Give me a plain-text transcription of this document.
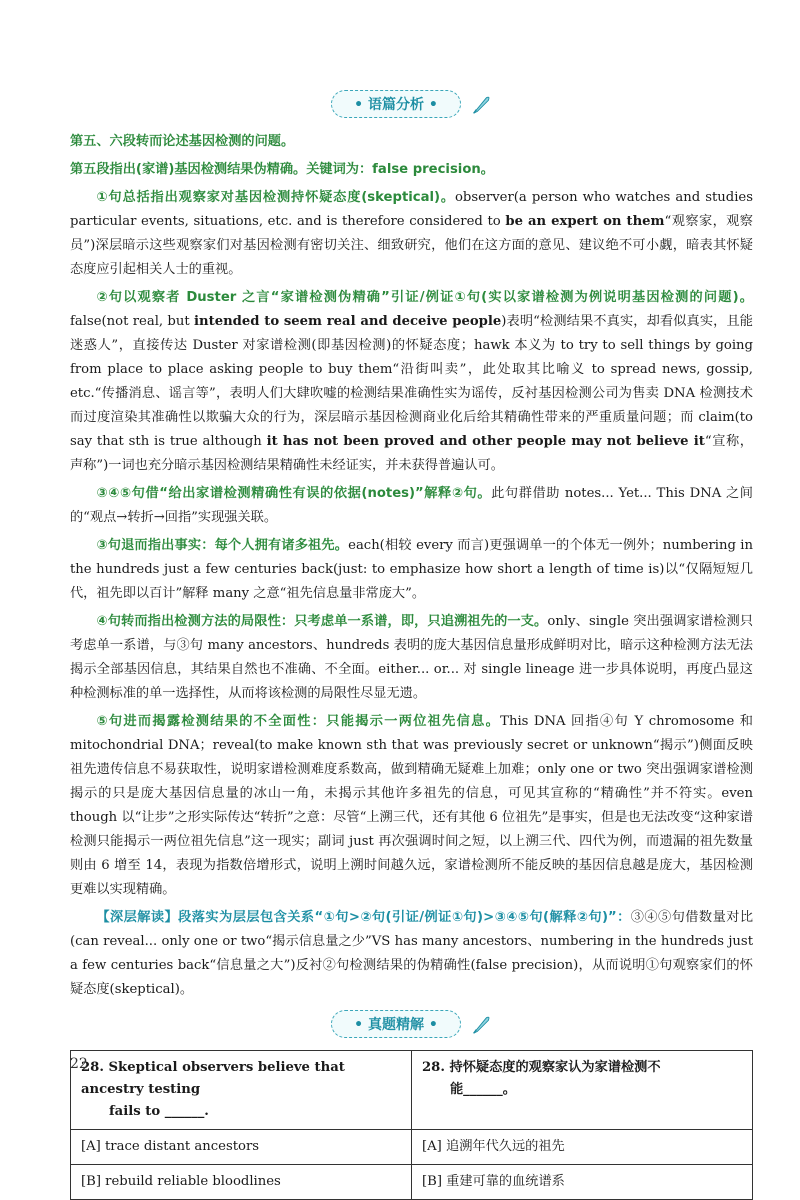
• 语篇分析 •

第五、六段转而论述基因检测的问题。

第五段指出(家谱)基因检测结果伪精确。关键词为：false precision。

①句总括指出观察家对基因检测持怀疑态度(skeptical)。observer(a person who watches and studies particular events, situations, etc. and is therefore considered to be an expert on them“观察家，观察员”)深层暗示这些观察家们对基因检测有密切关注、细致研究，他们在这方面的意见、建议绝不可小觑，暗表其怀疑态度应引起相关人士的重视。

②句以观察者 Duster 之言“家谱检测伪精确”引证/例证①句(实以家谱检测为例说明基因检测的问题)。false(not real, but intended to seem real and deceive people)表明“检测结果不真实，却看似真实，且能迷惑人”，直接传达 Duster 对家谱检测(即基因检测)的怀疑态度；hawk 本义为 to try to sell things by going from place to place asking people to buy them“沿街叫卖”，此处取其比喻义 to spread news, gossip, etc.“传播消息、谣言等”，表明人们大肆吹嘘的检测结果准确性实为谣传，反衬基因检测公司为售卖 DNA 检测技术而过度渲染其准确性以欺骗大众的行为，深层暗示基因检测商业化后给其精确性带来的严重质量问题；而 claim(to say that sth is true although it has not been proved and other people may not believe it“宣称，声称”)一词也充分暗示基因检测结果精确性未经证实，并未获得普遍认可。

③④⑤句借“给出家谱检测精确性有误的依据(notes)”解释②句。此句群借助 notes... Yet... This DNA 之间的“观点→转折→回指”实现强关联。

③句退而指出事实：每个人拥有诸多祖先。each(相较 every 而言)更强调单一的个体无一例外；numbering in the hundreds just a few centuries back(just: to emphasize how short a length of time is)以“仅隔短短几代，祖先即以百计”解释 many 之意“祖先信息量非常庞大”。

④句转而指出检测方法的局限性：只考虑单一系谱，即，只追溯祖先的一支。only、single 突出强调家谱检测只考虑单一系谱，与③句 many ancestors、hundreds 表明的庞大基因信息量形成鲜明对比，暗示这种检测方法无法揭示全部基因信息，其结果自然也不准确、不全面。either... or... 对 single lineage 进一步具体说明，再度凸显这种检测标准的单一选择性，从而将该检测的局限性尽显无遗。

⑤句进而揭露检测结果的不全面性：只能揭示一两位祖先信息。This DNA 回指④句 Y chromosome 和 mitochondrial DNA；reveal(to make known sth that was previously secret or unknown“揭示”)侧面反映祖先遗传信息不易获取性，说明家谱检测难度系数高，做到精确无疑难上加难；only one or two 突出强调家谱检测揭示的只是庞大基因信息量的冰山一角，未揭示其他许多祖先的信息，可见其宣称的“精确性”并不符实。even though 以“让步”之形实际传达“转折”之意：尽管“上溯三代，还有其他 6 位祖先”是事实，但是也无法改变“这种家谱检测只能揭示一两位祖先信息”这一现实；副词 just 再次强调时间之短，以上溯三代、四代为例，而遗漏的祖先数量则由 6 增至 14，表现为指数倍增形式，说明上溯时间越久远，家谱检测所不能反映的基因信息越是庞大，基因检测更难以实现精确。

【深层解读】段落实为层层包含关系“①句>②句(引证/例证①句)>③④⑤句(解释②句)”：③④⑤句借数量对比(can reveal... only one or two“揭示信息量之少”VS has many ancestors、numbering in the hundreds just a few centuries back“信息量之大”)反衬②句检测结果的伪精确性(false precision)，从而说明①句观察家们的怀疑态度(skeptical)。

• 真题精解 •
28. Skeptical observers believe that ancestry testing
fails to ______.	28. 持怀疑态度的观察家认为家谱检测不
能______。
[A] trace distant ancestors	[A] 追溯年代久远的祖先
[B] rebuild reliable bloodlines	[B] 重建可靠的血统谱系
22
